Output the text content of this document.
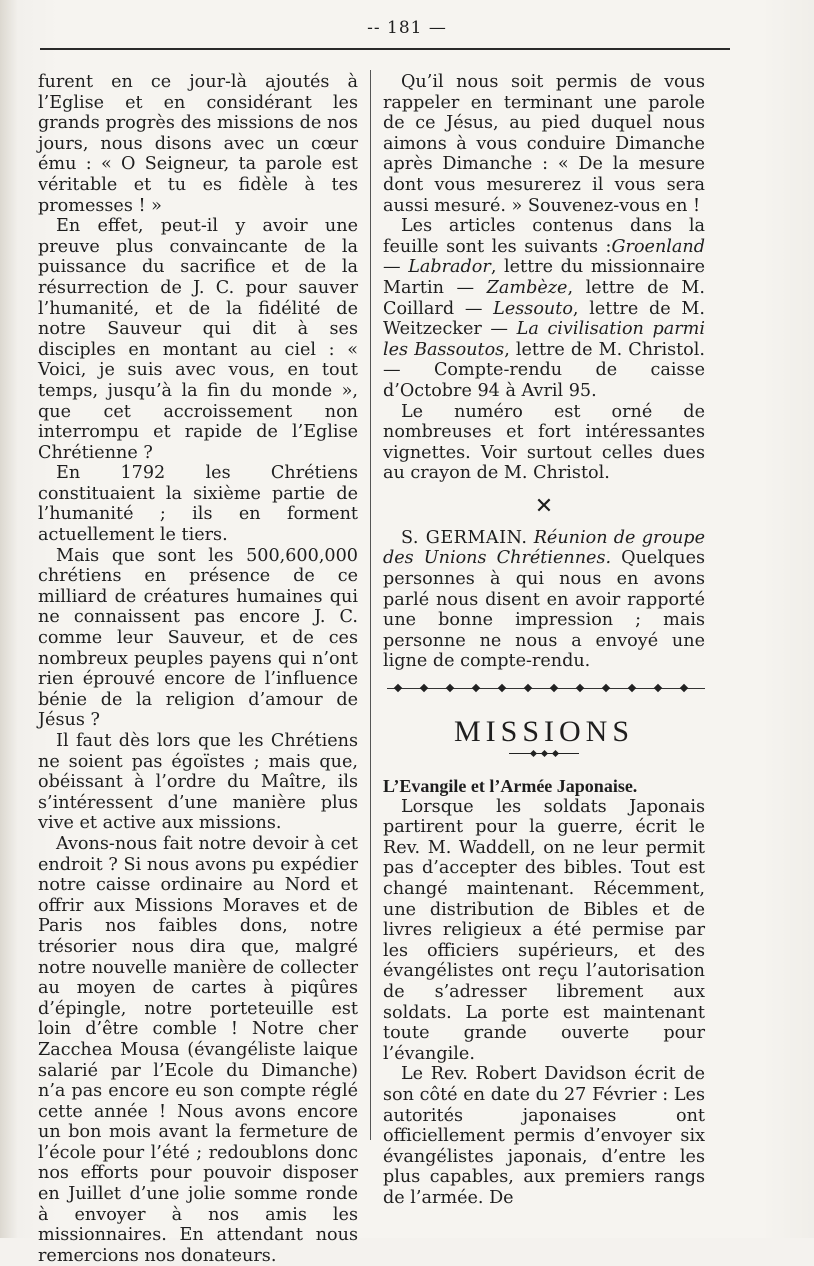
-- 181 —

furent en ce jour-là ajoutés à l’Eglise et en considérant les grands progrès des missions de nos jours, nous disons avec un cœur ému : « O Seigneur, ta parole est véritable et tu es fidèle à tes promesses ! »

En effet, peut-il y avoir une preuve plus convaincante de la puissance du sacrifice et de la résurrection de J. C. pour sauver l’humanité, et de la fidélité de notre Sauveur qui dit à ses disciples en montant au ciel : « Voici, je suis avec vous, en tout temps, jusqu’à la fin du monde », que cet accroissement non interrompu et rapide de l’Eglise Chrétienne ?

En 1792 les Chrétiens constituaient la sixième partie de l’humanité ; ils en forment actuellement le tiers.

Mais que sont les 500,600,000 chrétiens en présence de ce milliard de créatures humaines qui ne connaissent pas encore J. C. comme leur Sauveur, et de ces nombreux peuples payens qui n’ont rien éprouvé encore de l’influence bénie de la religion d’amour de Jésus ?

Il faut dès lors que les Chrétiens ne soient pas égoïstes ; mais que, obéissant à l’ordre du Maître, ils s’intéressent d’une manière plus vive et active aux missions.

Avons-nous fait notre devoir à cet endroit ? Si nous avons pu expédier notre caisse ordinaire au Nord et offrir aux Missions Moraves et de Paris nos faibles dons, notre trésorier nous dira que, malgré notre nouvelle manière de collecter au moyen de cartes à piqûres d’épingle, notre porteteuille est loin d’être comble ! Notre cher Zacchea Mousa (évangéliste laique salarié par l’Ecole du Dimanche) n’a pas encore eu son compte réglé cette année ! Nous avons encore un bon mois avant la fermeture de l’école pour l’été ; redoublons donc nos efforts pour pouvoir disposer en Juillet d’une jolie somme ronde à envoyer à nos amis les missionnaires. En attendant nous remercions nos donateurs.

Qu’il nous soit permis de vous rappeler en terminant une parole de ce Jésus, au pied duquel nous aimons à vous conduire Dimanche après Dimanche : « De la mesure dont vous mesurerez il vous sera aussi mesuré. » Souvenez-vous en !

Les articles contenus dans la feuille sont les suivants :Groenland — Labrador, lettre du missionnaire Martin — Zambèze, lettre de M. Coillard — Lessouto, lettre de M. Weitzecker — La civilisation parmi les Bassoutos, lettre de M. Christol. — Compte-rendu de caisse d’Octobre 94 à Avril 95.

Le numéro est orné de nombreuses et fort intéressantes vignettes. Voir surtout celles dues au crayon de M. Christol.

✕

S. GERMAIN. Réunion de groupe des Unions Chrétiennes. Quelques personnes à qui nous en avons parlé nous disent en avoir rapporté une bonne impression ; mais personne ne nous a envoyé une ligne de compte-rendu.

MISSIONS

L’Evangile et l’Armée Japonaise.

Lorsque les soldats Japonais partirent pour la guerre, écrit le Rev. M. Waddell, on ne leur permit pas d’accepter des bibles. Tout est changé maintenant. Récemment, une distribution de Bibles et de livres religieux a été permise par les officiers supérieurs, et des évangélistes ont reçu l’autorisation de s’adresser librement aux soldats. La porte est maintenant toute grande ouverte pour l’évangile.

Le Rev. Robert Davidson écrit de son côté en date du 27 Février : Les autorités japonaises ont officiellement permis d’envoyer six évangélistes japonais, d’entre les plus capables, aux premiers rangs de l’armée. De
